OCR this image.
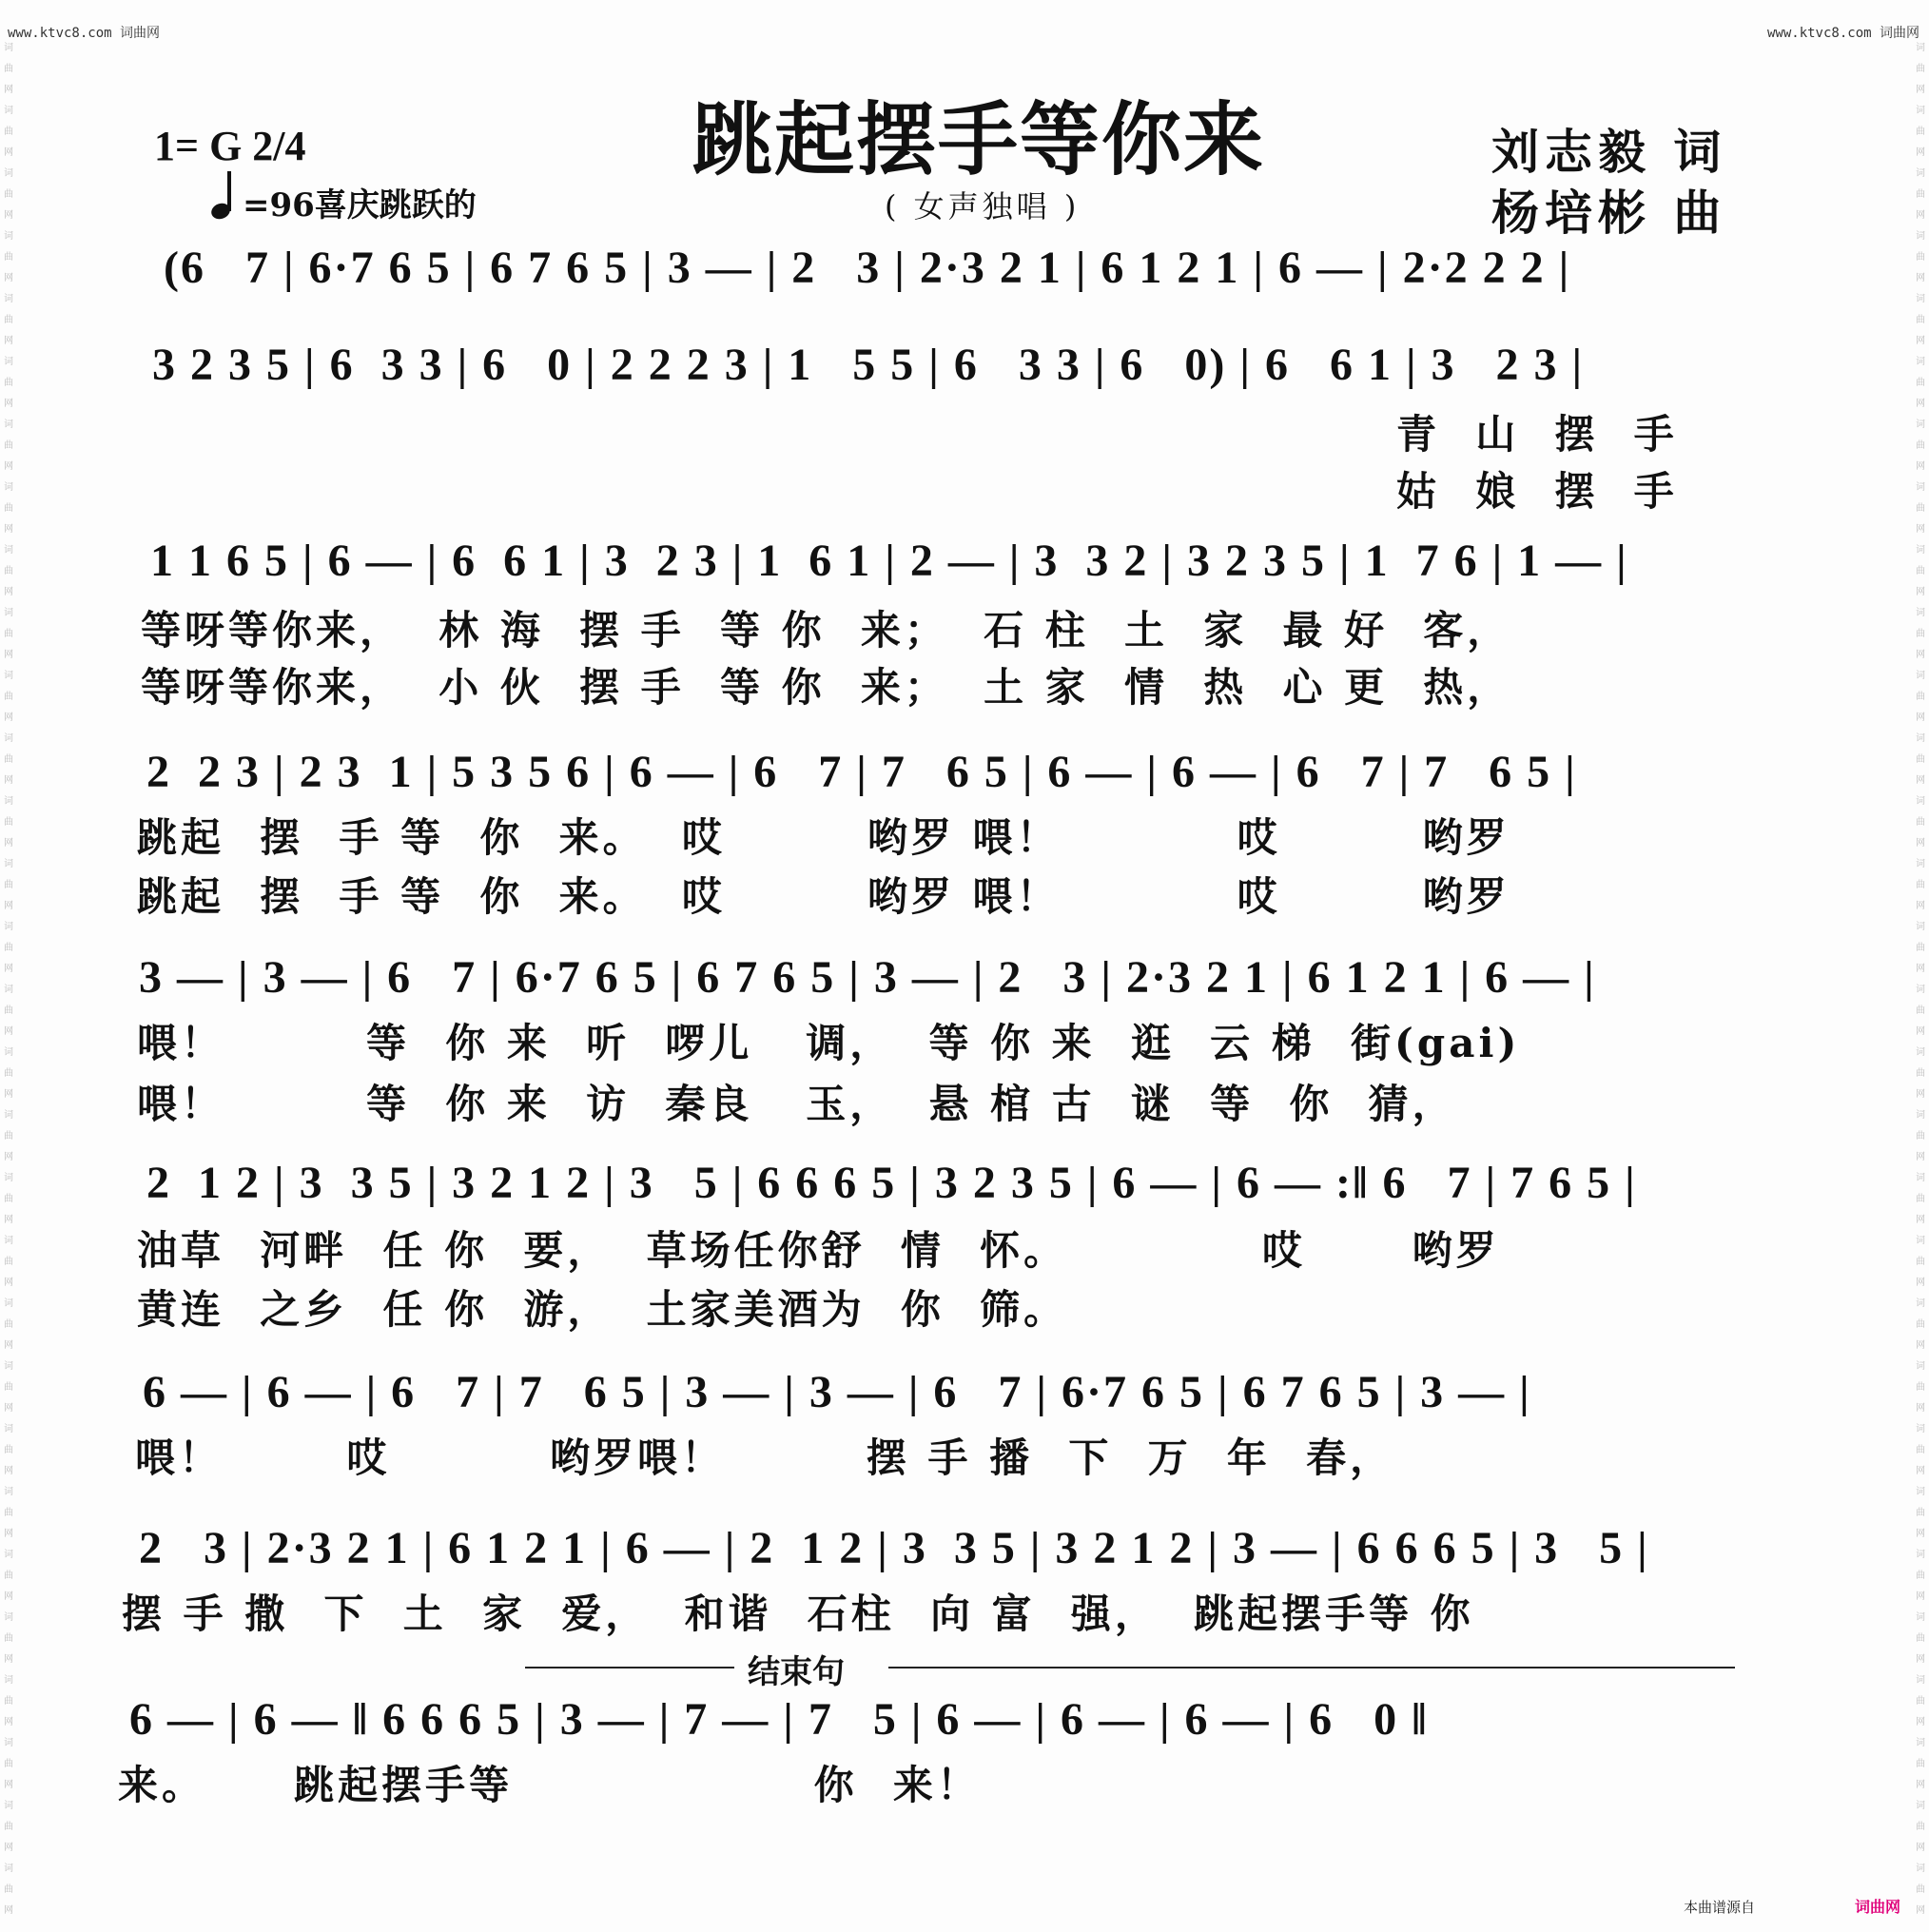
www.ktvc8.com 词曲网	www.ktvc8.com 词曲网
词曲网词曲网词曲网词曲网词曲网词曲网词曲网词曲网词曲网词曲网词曲网词曲网词曲网词曲网词曲网词曲网词曲网词曲网词曲网词曲网词曲网词曲网词曲网词曲网词曲网词曲网词曲网词曲网词曲网词曲网
词曲网词曲网词曲网词曲网词曲网词曲网词曲网词曲网词曲网词曲网词曲网词曲网词曲网词曲网词曲网词曲网词曲网词曲网词曲网词曲网词曲网词曲网词曲网词曲网词曲网词曲网词曲网词曲网词曲网词曲网
跳起摆手等你来
1= G 2/4
=96喜庆跳跃的	( 女声独唱 )
刘志毅 词
杨培彬 曲
(6   7 | 6·7 6 5 | 6 7 6 5 | 3 — | 2   3 | 2·3 2 1 | 6 1 2 1 | 6 — | 2·2 2 2 |
3 2 3 5 | 6  3 3 | 6   0 | 2 2 2 3 | 1   5 5 | 6   3 3 | 6   0) | 6   6 1 | 3   2 3 |
青  山  摆  手
姑  娘  摆  手
1 1 6 5 | 6 — | 6  6 1 | 3  2 3 | 1  6 1 | 2 — | 3  3 2 | 3 2 3 5 | 1  7 6 | 1 — |
等呀等你来，  林 海  摆 手  等 你  来；  石 柱  土  家  最 好  客，
等呀等你来，  小 伙  摆 手  等 你  来；  土 家  情  热  心 更  热，
2  2 3 | 2 3  1 | 5 3 5 6 | 6 — | 6   7 | 7   6 5 | 6 — | 6 — | 6   7 | 7   6 5 |
跳起  摆  手 等  你  来。  哎        哟罗 喂！          哎        哟罗
跳起  摆  手 等  你  来。  哎        哟罗 喂！          哎        哟罗
3 — | 3 — | 6   7 | 6·7 6 5 | 6 7 6 5 | 3 — | 2   3 | 2·3 2 1 | 6 1 2 1 | 6 — |
喂！        等  你 来  听  啰儿   调，  等 你 来  逛  云 梯  街(gai)
喂！        等  你 来  访  秦良   玉，  悬 棺 古  谜  等  你  猜，
2  1 2 | 3  3 5 | 3 2 1 2 | 3   5 | 6 6 6 5 | 3 2 3 5 | 6 — | 6 — :‖ 6   7 | 7 6 5 |
油草  河畔  任 你  要，  草场任你舒  情  怀。           哎      哟罗
黄连  之乡  任 你  游，  土家美酒为  你  筛。
6 — | 6 — | 6   7 | 7   6 5 | 3 — | 3 — | 6   7 | 6·7 6 5 | 6 7 6 5 | 3 — |
喂！       哎         哟罗喂！        摆 手 播  下  万  年  春，
2   3 | 2·3 2 1 | 6 1 2 1 | 6 — | 2  1 2 | 3  3 5 | 3 2 1 2 | 3 — | 6 6 6 5 | 3   5 |
摆 手 撒  下  土  家  爱，  和谐  石柱  向 富  强，  跳起摆手等 你
结束句
6 — | 6 — ‖ 6 6 6 5 | 3 — | 7 — | 7   5 | 6 — | 6 — | 6 — | 6   0 ‖
来。     跳起摆手等                 你  来！
本曲谱源自	词曲网
